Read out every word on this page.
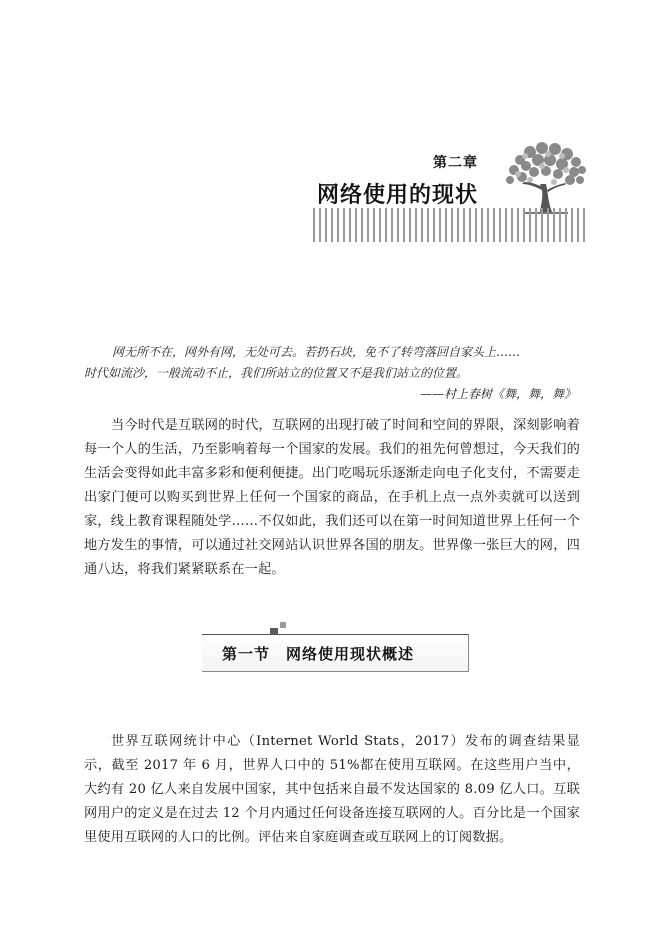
第二章
网络使用的现状
网无所不在，网外有网，无处可去。若扔石块，免不了转弯落回自家头上……
时代如流沙，一般流动不止，我们所站立的位置又不是我们站立的位置。
——村上春树《舞，舞，舞》
当今时代是互联网的时代，互联网的出现打破了时间和空间的界限，深刻影响着每一个人的生活，乃至影响着每一个国家的发展。我们的祖先何曾想过，今天我们的生活会变得如此丰富多彩和便利便捷。出门吃喝玩乐逐渐走向电子化支付，不需要走出家门便可以购买到世界上任何一个国家的商品，在手机上点一点外卖就可以送到家，线上教育课程随处学……不仅如此，我们还可以在第一时间知道世界上任何一个地方发生的事情，可以通过社交网站认识世界各国的朋友。世界像一张巨大的网，四通八达，将我们紧紧联系在一起。
第一节 网络使用现状概述
世界互联网统计中心（Internet World Stats，2017）发布的调查结果显示，截至 2017 年 6 月，世界人口中的 51%都在使用互联网。在这些用户当中，大约有 20 亿人来自发展中国家，其中包括来自最不发达国家的 8.09 亿人口。互联网用户的定义是在过去 12 个月内通过任何设备连接互联网的人。百分比是一个国家里使用互联网的人口的比例。评估来自家庭调查或互联网上的订阅数据。
